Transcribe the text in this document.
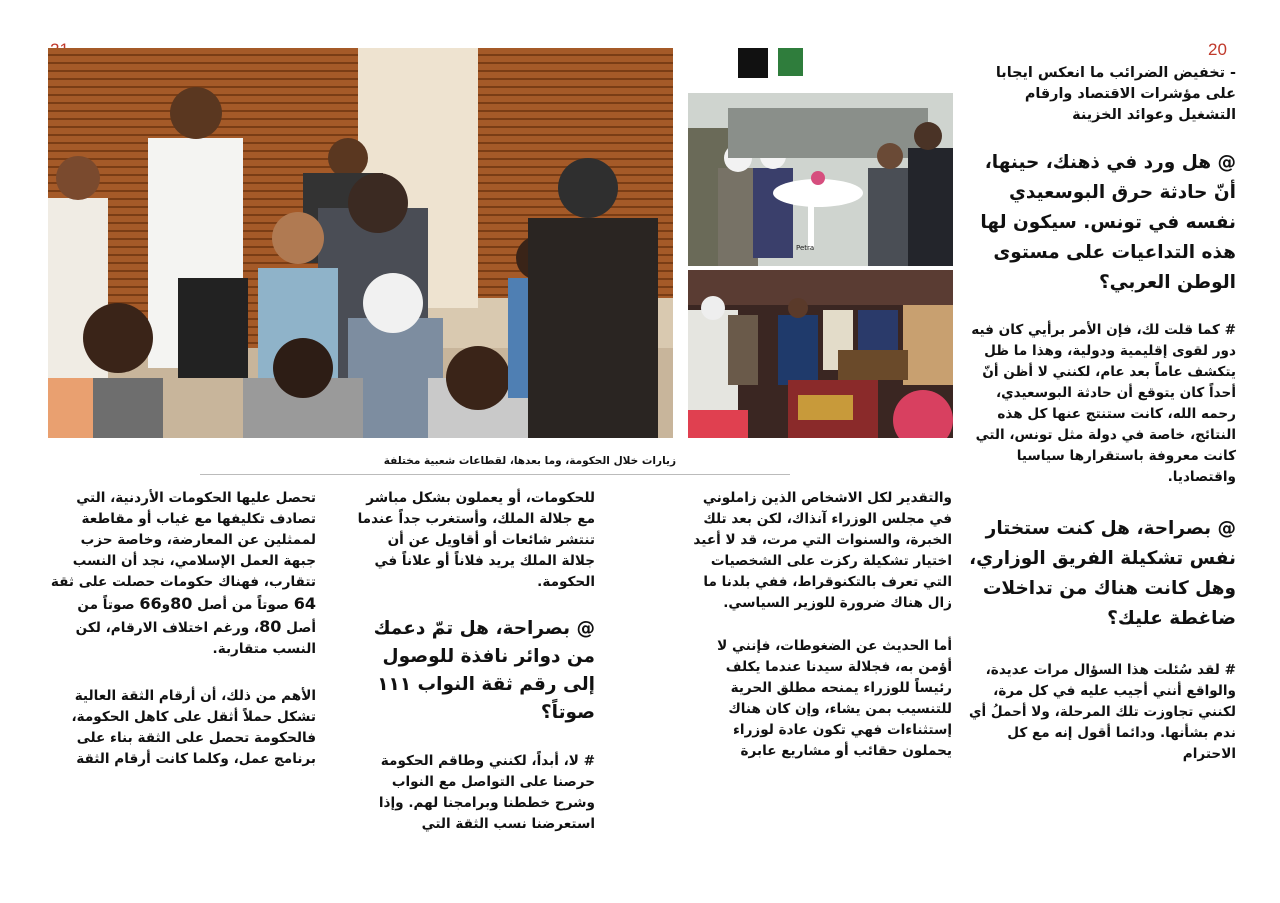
20
Petra
زيارات خلال الحكومة، وما بعدها، لقطاعات شعبية مختلفة

- تخفيض الضرائب ما انعكس ايجابا على مؤشرات الاقتصاد وارقام التشغيل وعوائد الخزينة

@ هل ورد في ذهنك، حينها، أنّ حادثة حرق البوسعيدي نفسه في تونس. سيكون لها هذه التداعيات على مستوى الوطن العربي؟

# كما قلت لك، فإن الأمر برأيي كان فيه دور لقوى إقليمية ودولية، وهذا ما ظل يتكشف عاماً بعد عام، لكنني لا أظن أنّ أحداً كان يتوقع أن حادثة البوسعيدي، رحمه الله، كانت ستنتج عنها كل هذه النتائج، خاصة في دولة مثل تونس، التي كانت معروفة باستقرارها سياسيا واقتصاديا.

@ بصراحة، هل كنت ستختار نفس تشكيلة الفريق الوزاري، وهل كانت هناك من تداخلات ضاغطة عليك؟

# لقد سُئلت هذا السؤال مرات عديدة، والواقع أنني أجيب عليه في كل مرة، لكنني تجاوزت تلك المرحلة، ولا أحملُ أي ندم بشأنها. ودائما أقول إنه مع كل الاحترام

والتقدير لكل الاشخاص الذين زاملوني في مجلس الوزراء آنذاك، لكن بعد تلك الخبرة، والسنوات التي مرت، قد لا أعيد اختيار تشكيلة ركزت على الشخصيات التي تعرف بالتكنوقراط، ففي بلدنا ما زال هناك ضرورة للوزير السياسي.

أما الحديث عن الضغوطات، فإنني لا أؤمن به، فجلالة سيدنا عندما يكلف رئيساً للوزراء يمنحه مطلق الحرية للتنسيب بمن يشاء، وإن كان هناك إستثناءات فهي تكون عادة لوزراء يحملون حقائب أو مشاريع عابرة

للحكومات، أو يعملون بشكل مباشر مع جلالة الملك، وأستغرب جداً عندما تنتشر شائعات أو أقاويل عن أن جلالة الملك يريد فلاناً أو علاناً في الحكومة.

@ بصراحة، هل تمّ دعمك من دوائر نافذة للوصول إلى رقم ثقة النواب ١١١ صوتاً؟

# لا، أبداً، لكنني وطاقم الحكومة حرصنا على التواصل مع النواب وشرح خططنا وبرامجنا لهم. وإذا استعرضنا نسب الثقة التي

تحصل عليها الحكومات الأردنية، التي تصادف تكليفها مع غياب أو مقاطعة لممثلين عن المعارضة، وخاصة حزب جبهة العمل الإسلامي، نجد أن النسب تتقارب، فهناك حكومات حصلت على ثقة 64 صوتاً من أصل 80و66 صوتاً من أصل 80، ورغم اختلاف الارقام، لكن النسب متقاربة.

الأهم من ذلك، أن أرقام الثقة العالية تشكل حملاً أثقل على كاهل الحكومة، فالحكومة تحصل على الثقة بناء على برنامج عمل، وكلما كانت أرقام الثقة
